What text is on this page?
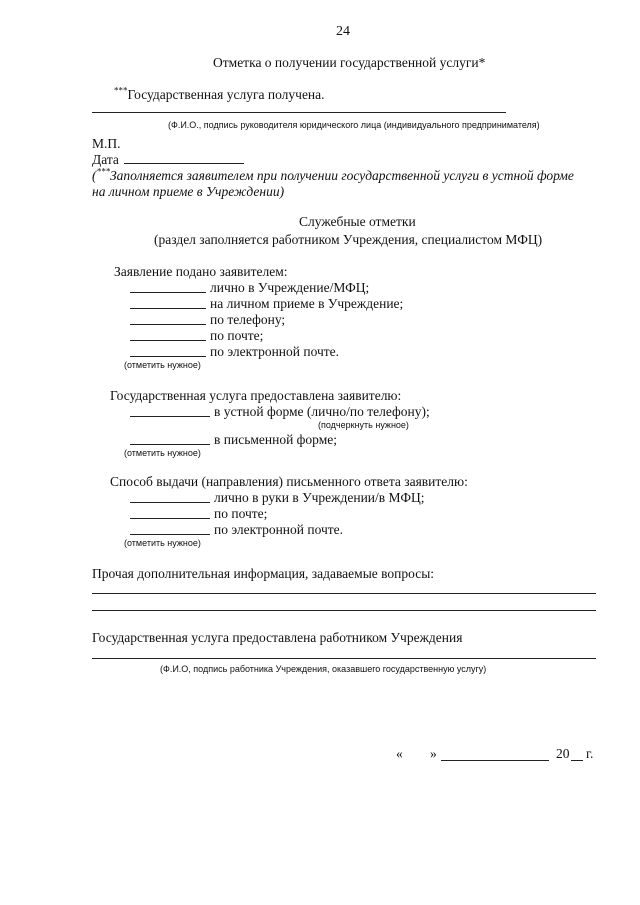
24
Отметка о получении государственной услуги*
***Государственная услуга получена.
(Ф.И.О., подпись руководителя юридического лица (индивидуального предпринимателя)
М.П.
Дата
(***Заполняется заявителем при получении государственной услуги в устной форме
на личном приеме в Учреждении)
Служебные отметки
(раздел заполняется работником Учреждения, специалистом МФЦ)
Заявление подано заявителем:
лично в Учреждение/МФЦ;
на личном приеме в Учреждение;
по телефону;
по почте;
по электронной почте.
(отметить нужное)
Государственная услуга предоставлена заявителю:
в устной форме (лично/по телефону);
(подчеркнуть нужное)
в письменной форме;
(отметить нужное)
Способ выдачи (направления) письменного ответа заявителю:
лично в руки в Учреждении/в МФЦ;
по почте;
по электронной почте.
(отметить нужное)
Прочая дополнительная информация, задаваемые вопросы:
Государственная услуга предоставлена работником Учреждения
(Ф.И.О, подпись работника Учреждения, оказавшего государственную услугу)
« »	20 г.
